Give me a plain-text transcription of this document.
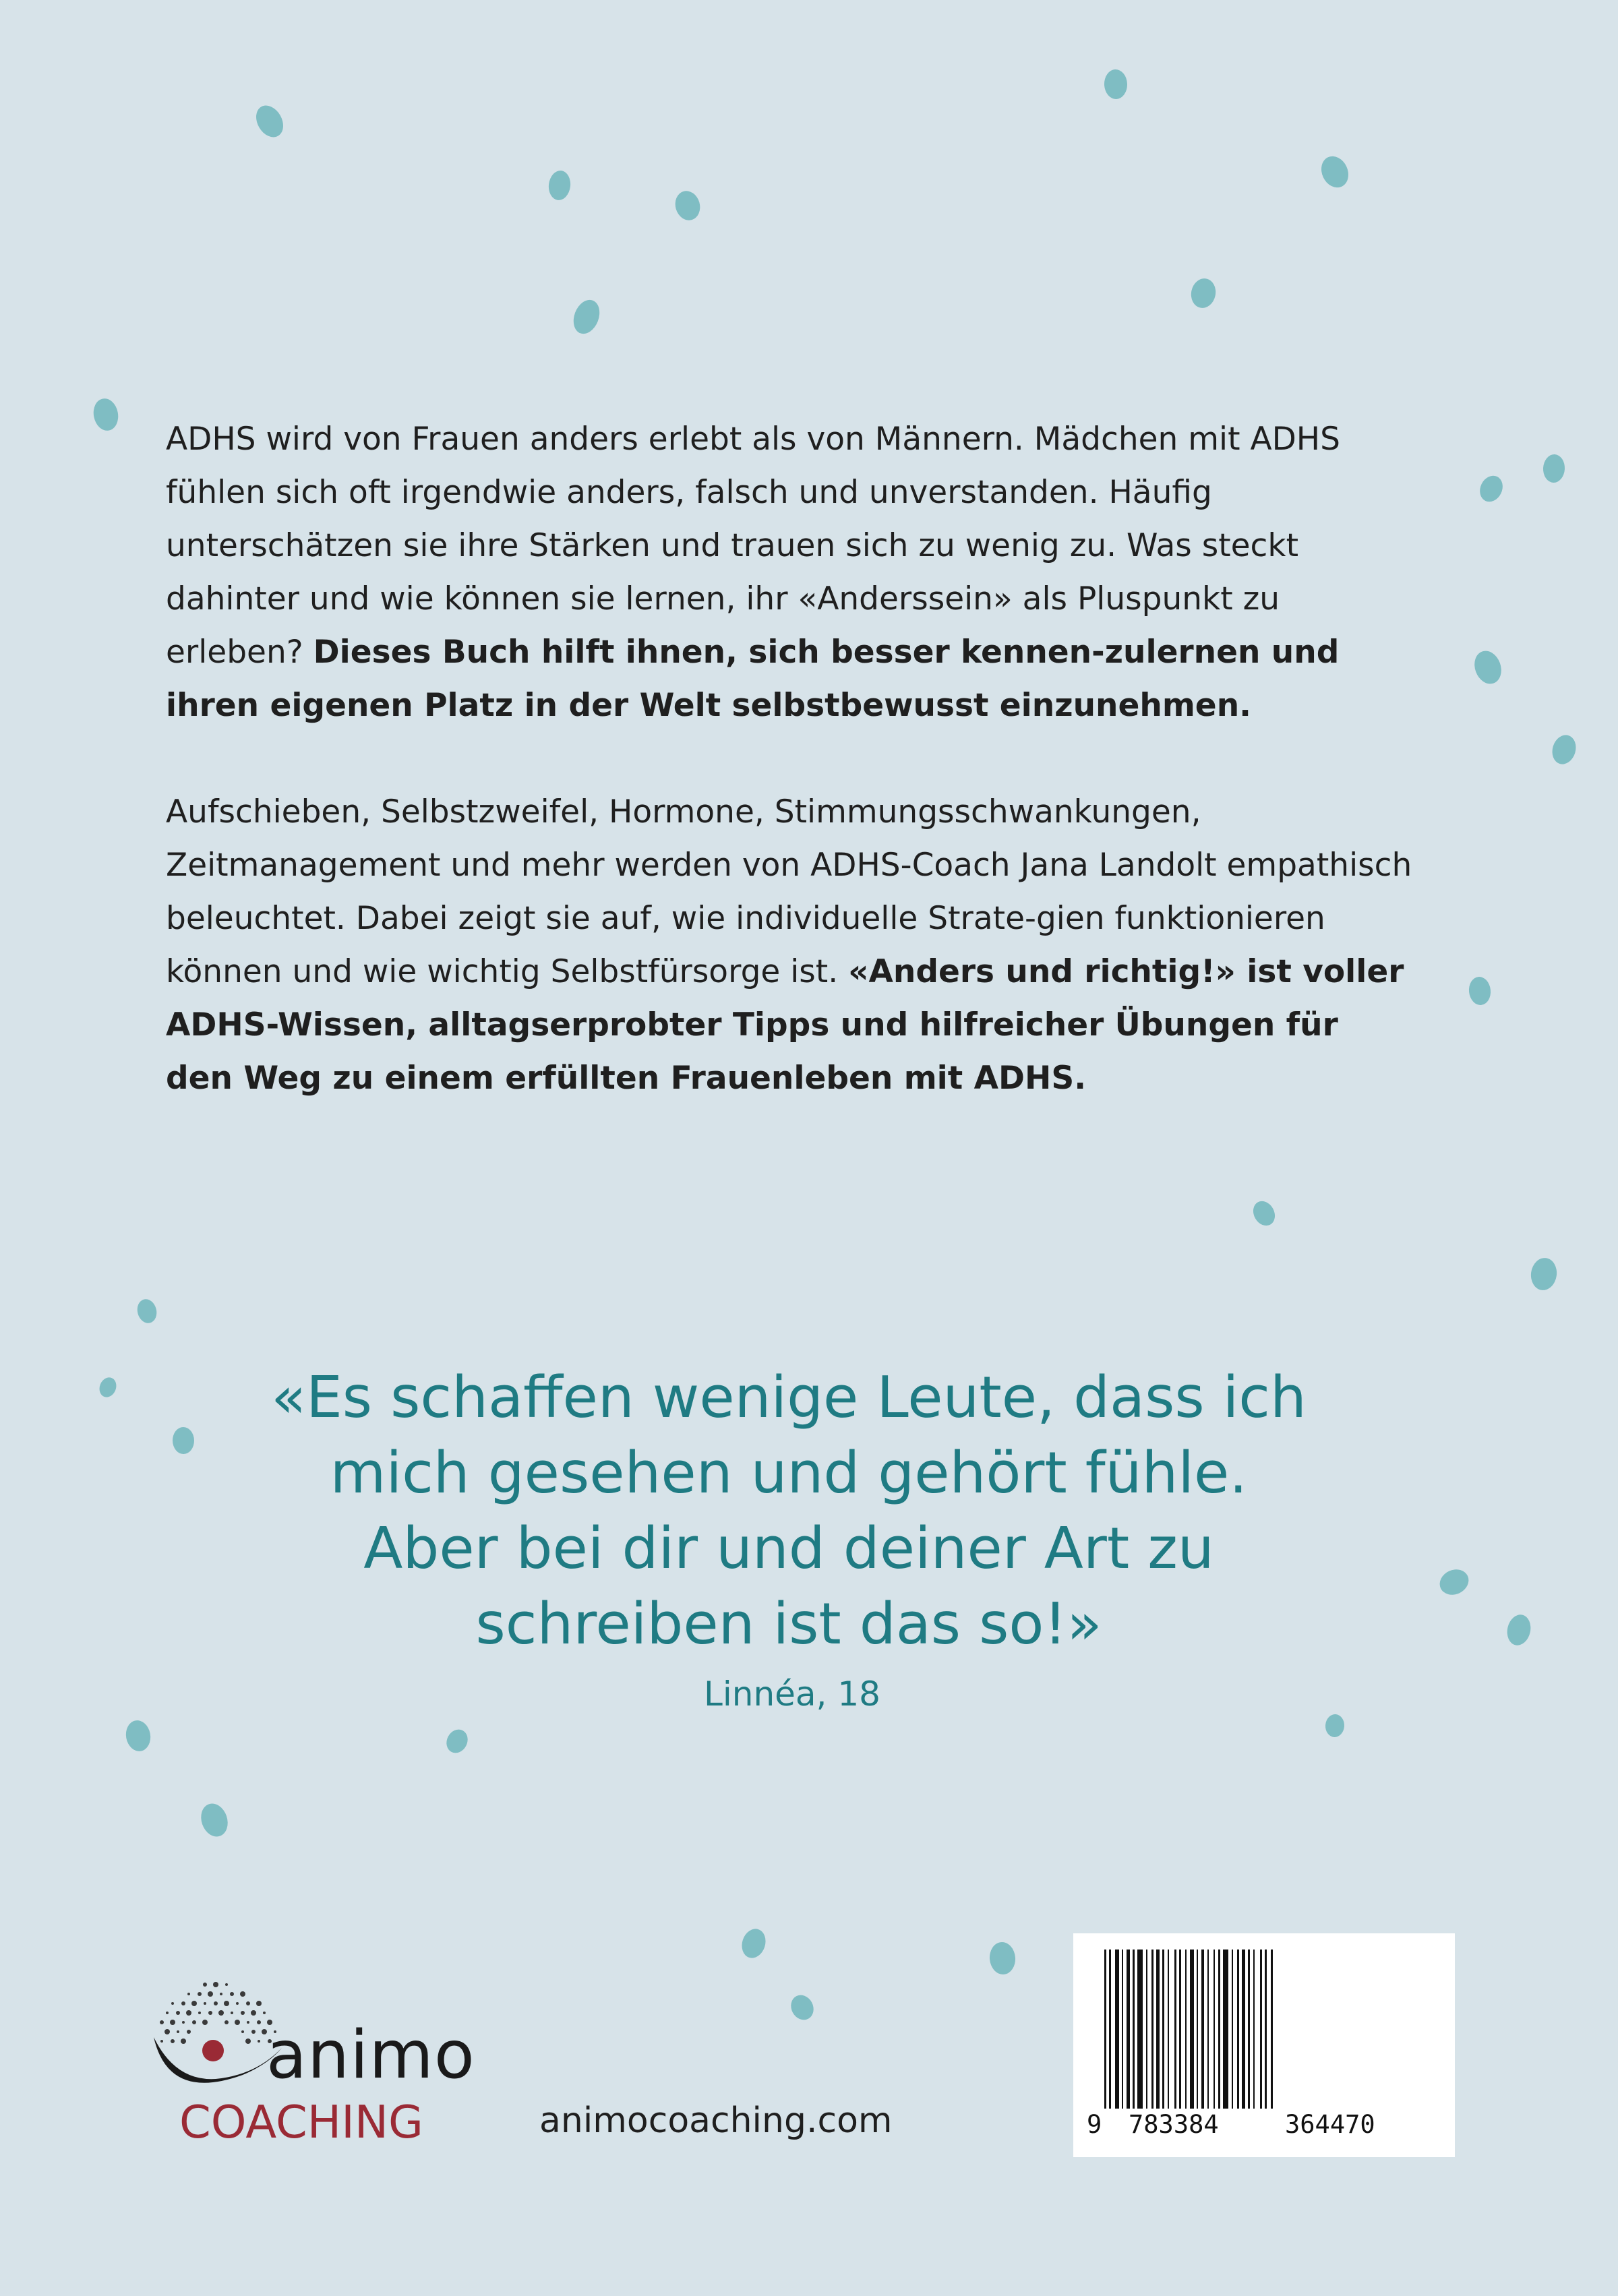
ADHS wird von Frauen anders erlebt als von Männern. Mädchen mit ADHS fühlen sich oft irgendwie anders, falsch und unverstanden. Häufig unterschätzen sie ihre Stärken und trauen sich zu wenig zu. Was steckt dahinter und wie können sie lernen, ihr «Anderssein» als Pluspunkt zu erleben? Dieses Buch hilft ihnen, sich besser kennen-zulernen und ihren eigenen Platz in der Welt selbstbewusst einzunehmen.

Aufschieben, Selbstzweifel, Hormone, Stimmungsschwankungen, Zeitmanagement und mehr werden von ADHS-Coach Jana Landolt empathisch beleuchtet. Dabei zeigt sie auf, wie individuelle Strate-gien funktionieren können und wie wichtig Selbstfürsorge ist. «Anders und richtig!» ist voller ADHS-Wissen, alltagserprobter Tipps und hilfreicher Übungen für den Weg zu einem erfüllten Frauenleben mit ADHS.

«Es schaffen wenige Leute, dass ich
mich gesehen und gehört fühle.
Aber bei dir und deiner Art zu
schreiben ist das so!»
Linnéa, 18
animo
COACHING	animocoaching.com	9 783384	364470
